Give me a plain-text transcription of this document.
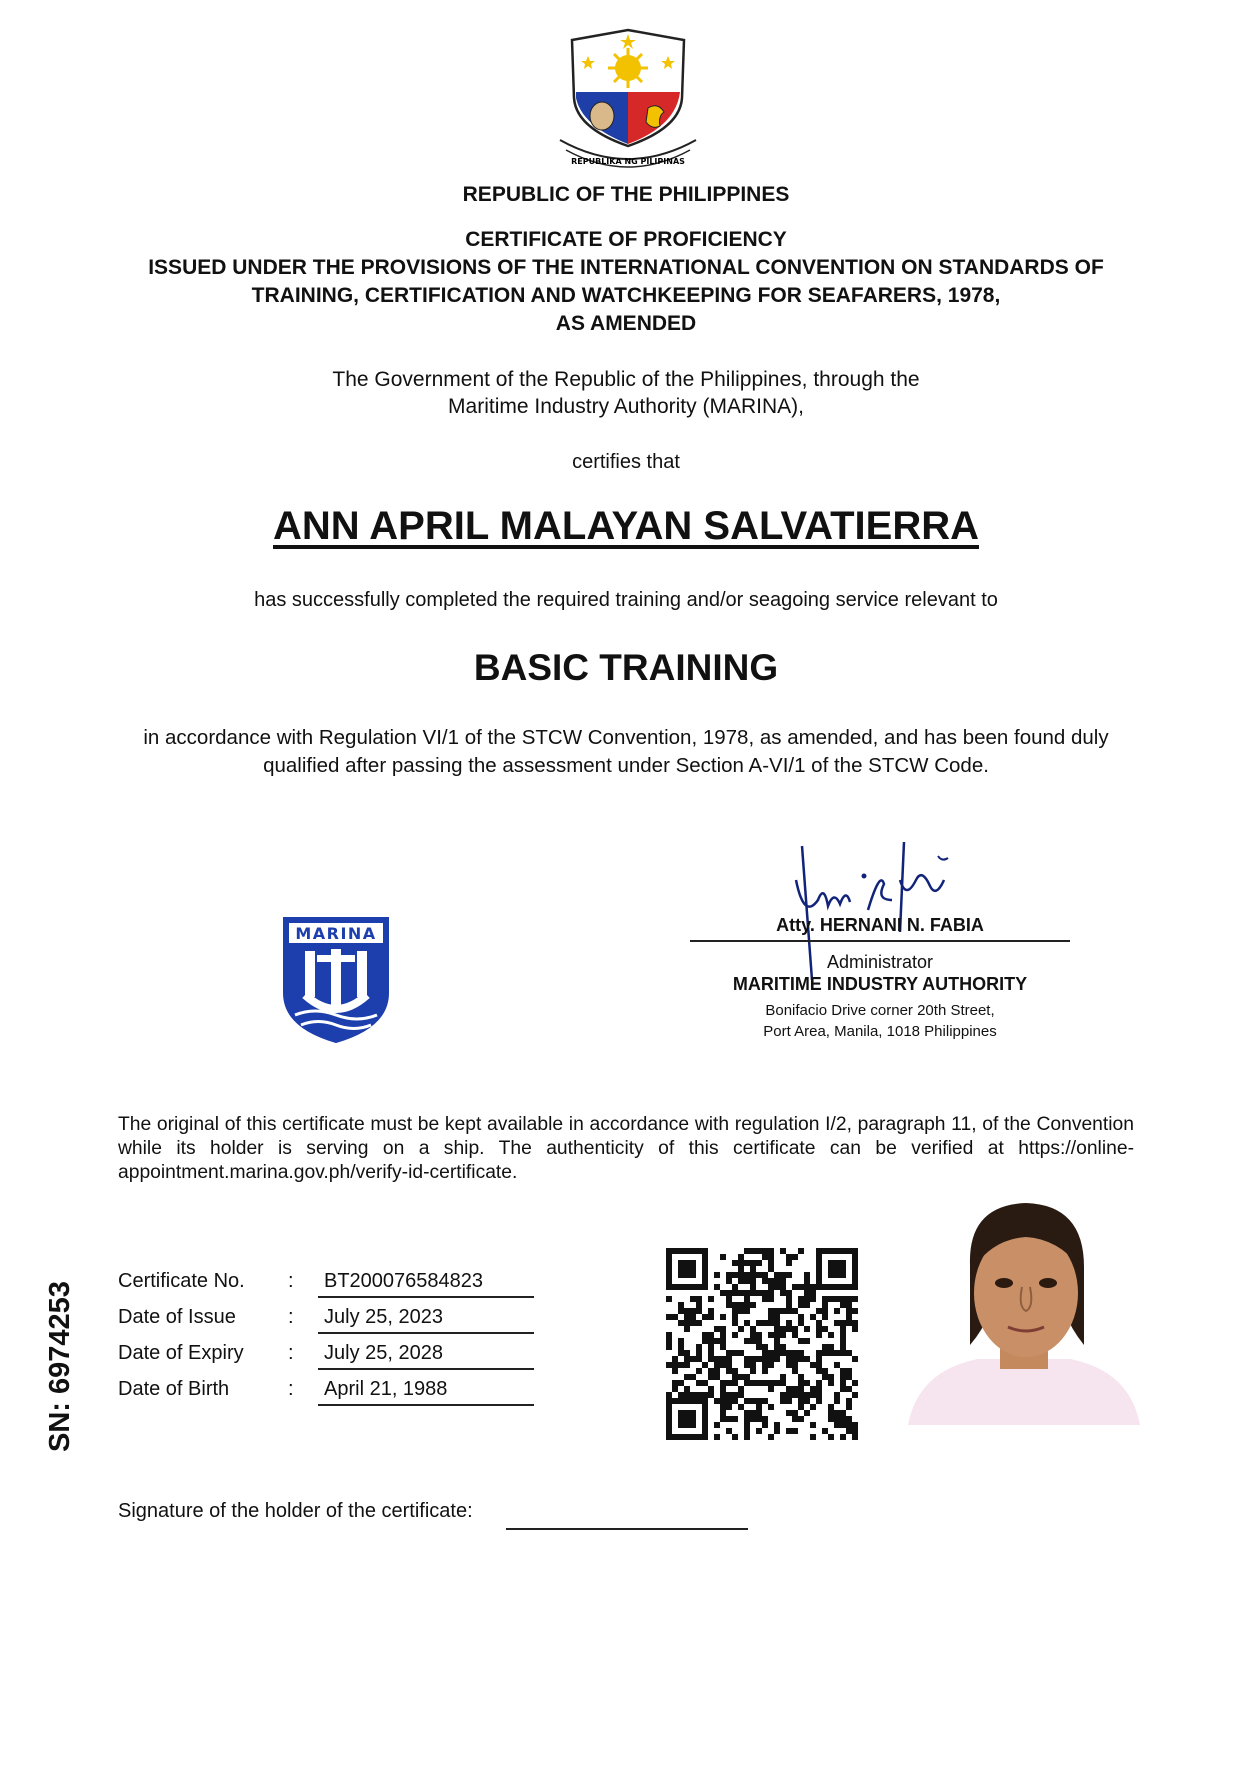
REPUBLIKA NG PILIPINAS
REPUBLIC OF THE PHILIPPINES
CERTIFICATE OF PROFICIENCY
ISSUED UNDER THE PROVISIONS OF THE INTERNATIONAL CONVENTION ON STANDARDS OF
TRAINING, CERTIFICATION AND WATCHKEEPING FOR SEAFARERS, 1978,
AS AMENDED
The Government of the Republic of the Philippines, through the
Maritime Industry Authority (MARINA),
certifies that
ANN APRIL MALAYAN SALVATIERRA
has successfully completed the required training and/or seagoing service relevant to
BASIC TRAINING
in accordance with Regulation VI/1 of the STCW Convention, 1978, as amended, and has been found duly
qualified after passing the assessment under Section A-VI/1 of the STCW Code.
MARINA	Atty. HERNANI N. FABIA
Administrator
MARITIME INDUSTRY AUTHORITY
Bonifacio Drive corner 20th Street,
Port Area, Manila, 1018 Philippines
The original of this certificate must be kept available in accordance with regulation I/2, paragraph 11, of the Convention while its holder is serving on a ship. The authenticity of this certificate can be verified at https://online-appointment.marina.gov.ph/verify-id-certificate.
Certificate No.	:	BT200076584823
Date of Issue	:	July 25, 2023
Date of Expiry	:	July 25, 2028
Date of Birth	:	April 21, 1988
Signature of the holder of the certificate:
SN: 6974253
